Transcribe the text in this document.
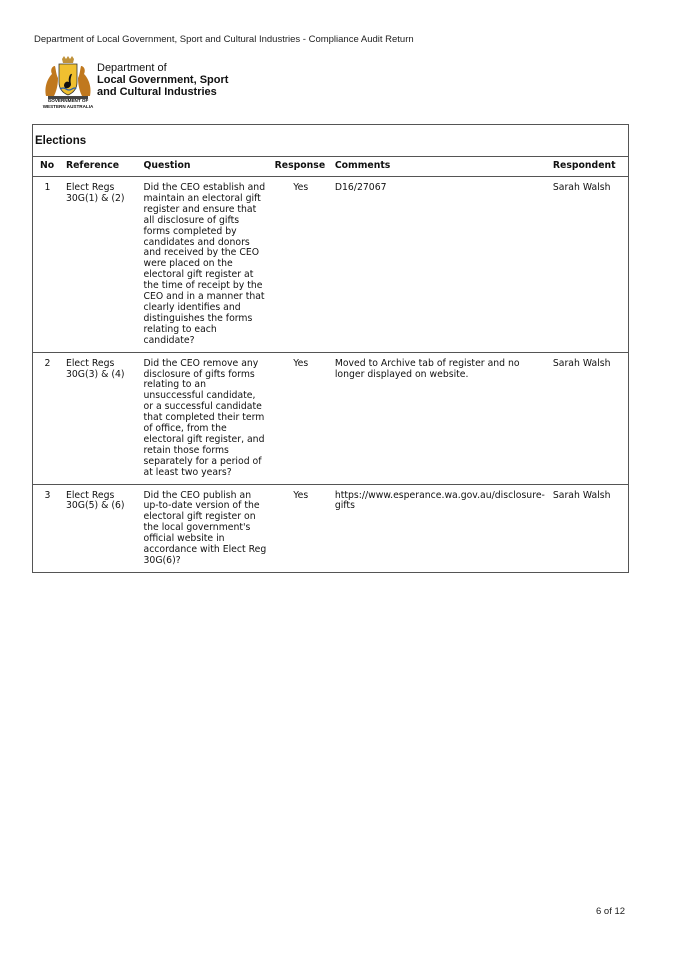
Department of Local Government, Sport and Cultural Industries - Compliance Audit Return
GOVERNMENT OF
WESTERN AUSTRALIA
Department of
Local Government, Sport
and Cultural Industries
Elections
No	Reference	Question	Response	Comments	Respondent
1	Elect Regs 30G(1) & (2)	Did the CEO establish and maintain an electoral gift register and ensure that all disclosure of gifts forms completed by candidates and donors and received by the CEO were placed on the electoral gift register at the time of receipt by the CEO and in a manner that clearly identifies and distinguishes the forms relating to each candidate?	Yes	D16/27067	Sarah Walsh
2	Elect Regs 30G(3) & (4)	Did the CEO remove any disclosure of gifts forms relating to an unsuccessful candidate, or a successful candidate that completed their term of office, from the electoral gift register, and retain those forms separately for a period of at least two years?	Yes	Moved to Archive tab of register and no longer displayed on website.	Sarah Walsh
3	Elect Regs 30G(5) & (6)	Did the CEO publish an up-to-date version of the electoral gift register on the local government's official website in accordance with Elect Reg 30G(6)?	Yes	https://www.esperance.wa.gov.au/disclosure-gifts	Sarah Walsh
6 of 12
